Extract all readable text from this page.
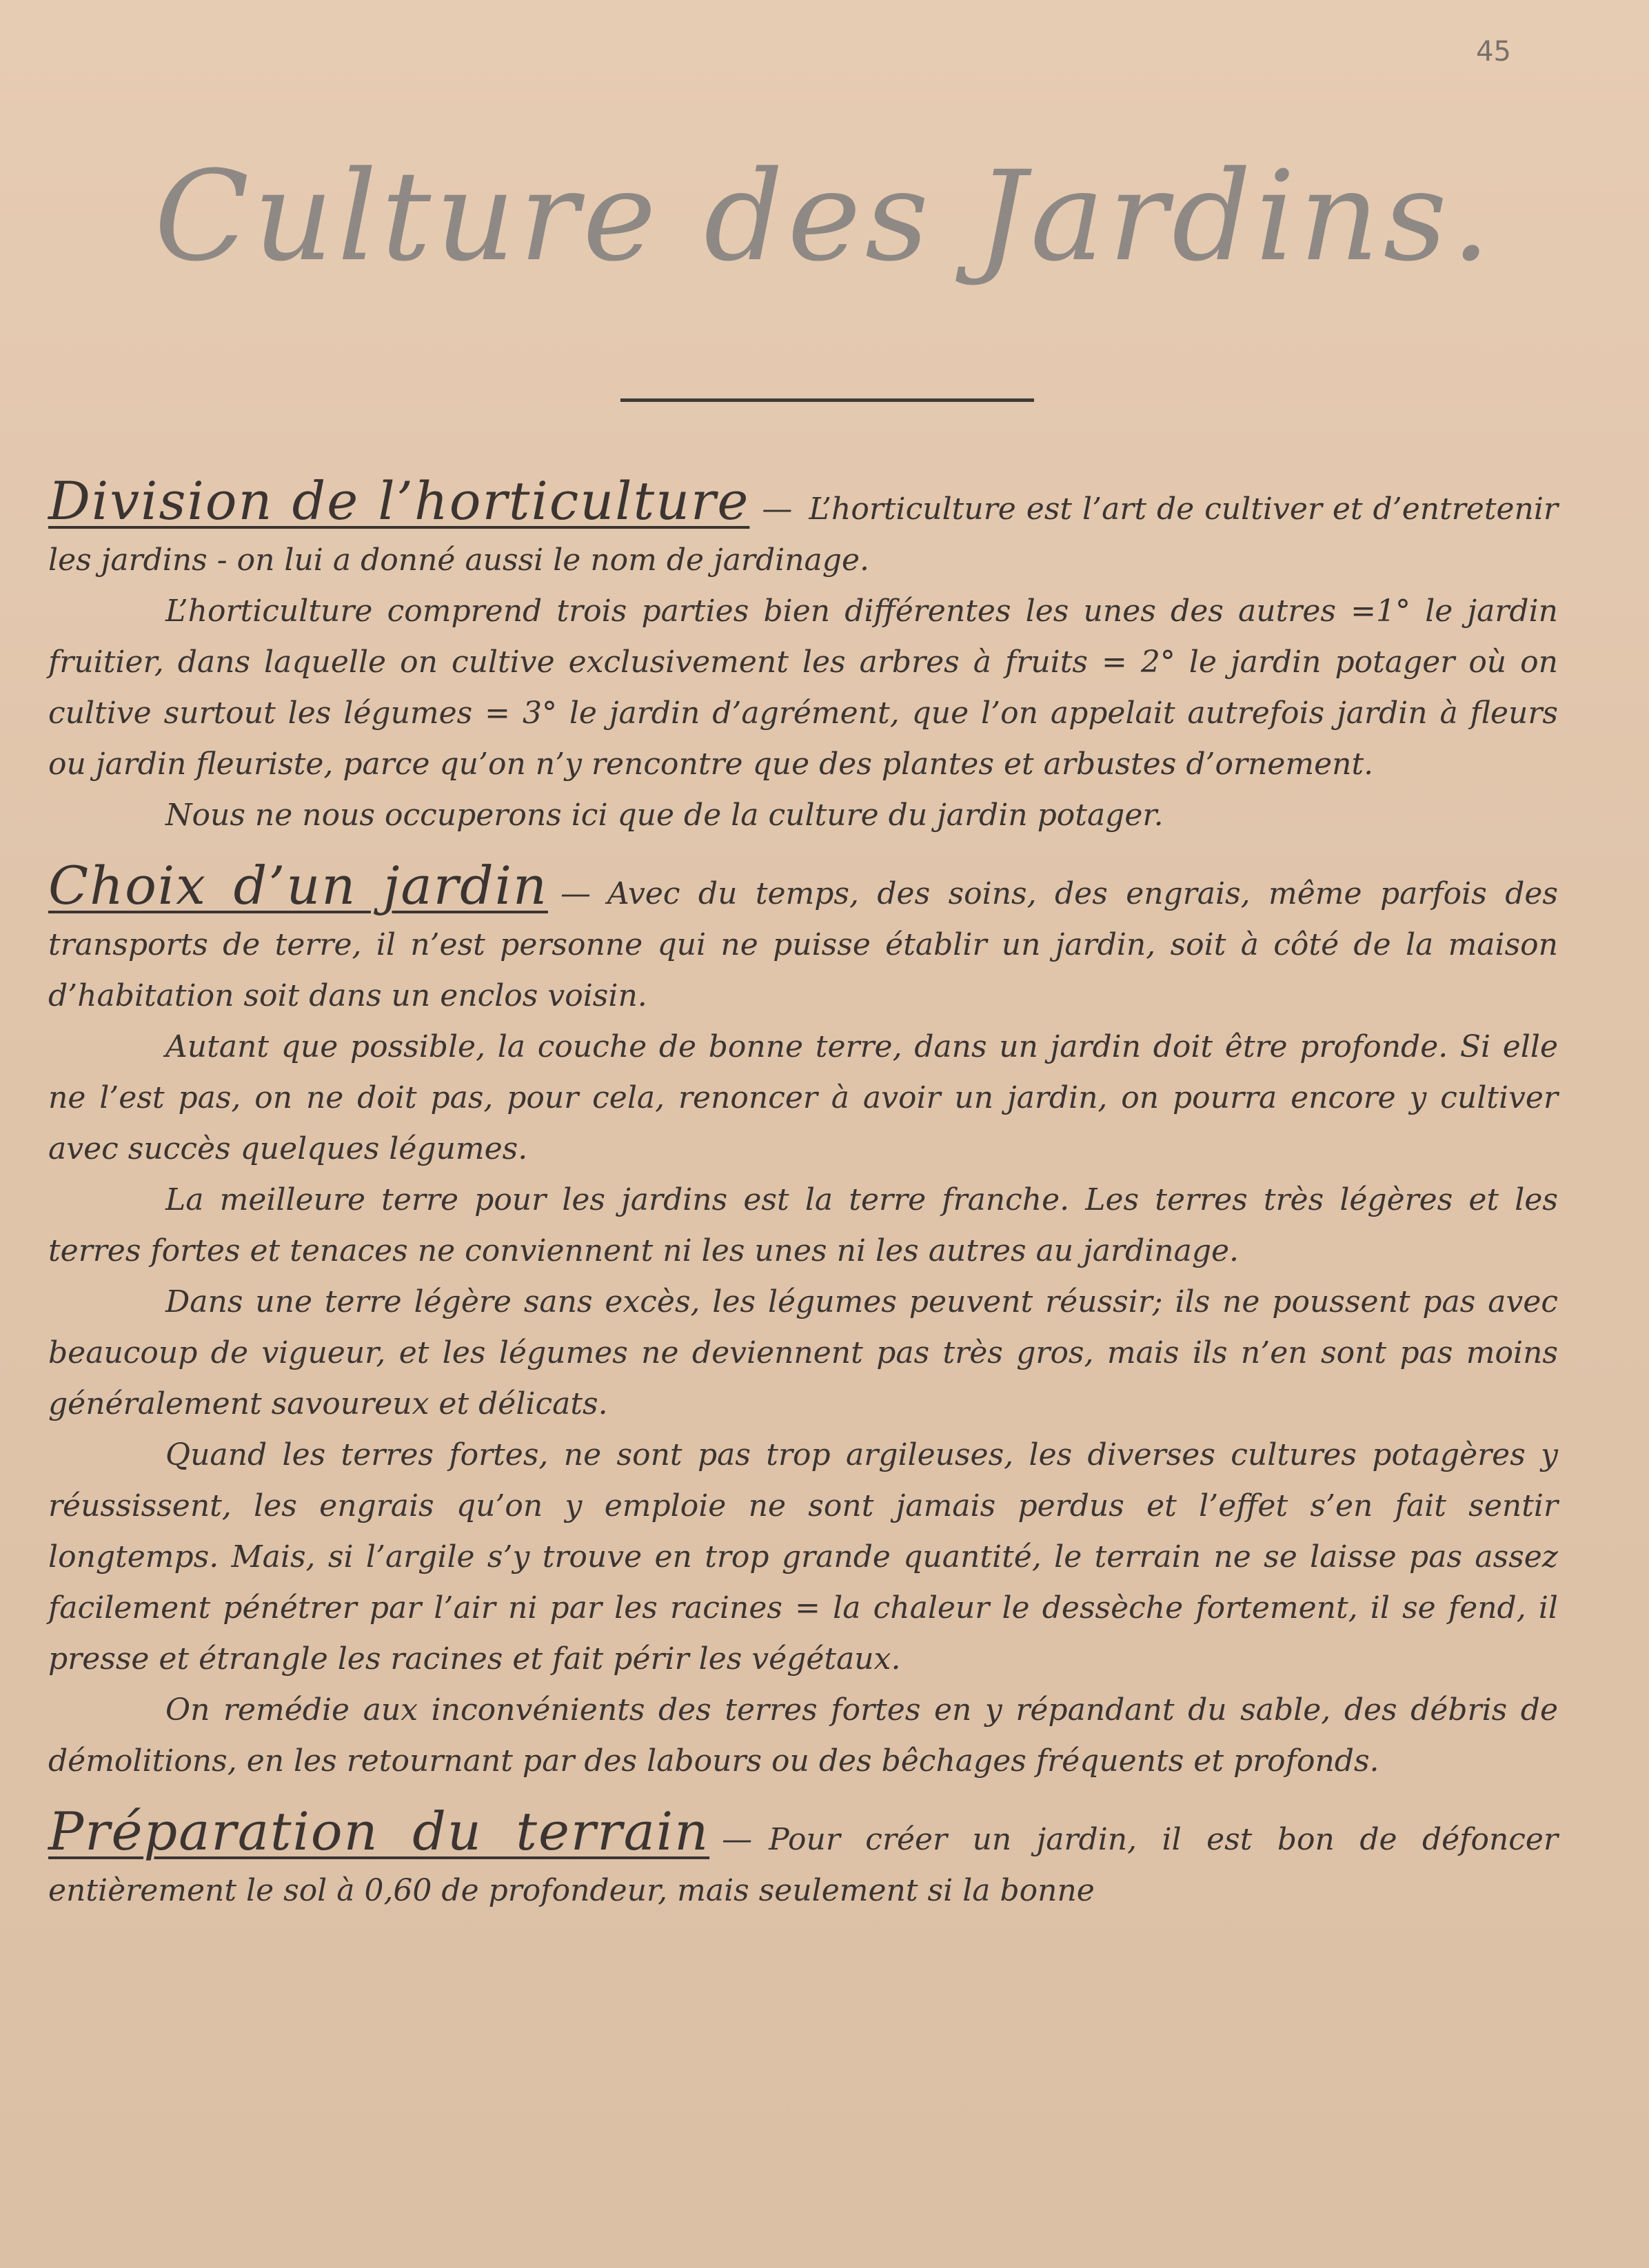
45
Culture des Jardins.

Division de l’horticulture — L’horticulture est l’art de cultiver et d’entretenir les jardins - on lui a donné aussi le nom de jardinage.

L’horticulture comprend trois parties bien différentes les unes des autres =1° le jardin fruitier, dans laquelle on cultive exclusivement les arbres à fruits = 2° le jardin potager où on cultive surtout les légumes = 3° le jardin d’agrément, que l’on appelait autrefois jardin à fleurs ou jardin fleuriste, parce qu’on n’y rencontre que des plantes et arbustes d’ornement.

Nous ne nous occuperons ici que de la culture du jardin potager.

Choix d’un jardin — Avec du temps, des soins, des engrais, même parfois des transports de terre, il n’est personne qui ne puisse établir un jardin, soit à côté de la maison d’habitation soit dans un enclos voisin.

Autant que possible, la couche de bonne terre, dans un jardin doit être profonde. Si elle ne l’est pas, on ne doit pas, pour cela, renoncer à avoir un jardin, on pourra encore y cultiver avec succès quelques légumes.

La meilleure terre pour les jardins est la terre franche. Les terres très légères et les terres fortes et tenaces ne conviennent ni les unes ni les autres au jardinage.

Dans une terre légère sans excès, les légumes peuvent réussir; ils ne poussent pas avec beaucoup de vigueur, et les légumes ne deviennent pas très gros, mais ils n’en sont pas moins généralement savoureux et délicats.

Quand les terres fortes, ne sont pas trop argileuses, les diverses cultures potagères y réussissent, les engrais qu’on y emploie ne sont jamais perdus et l’effet s’en fait sentir longtemps. Mais, si l’argile s’y trouve en trop grande quantité, le terrain ne se laisse pas assez facilement pénétrer par l’air ni par les racines = la chaleur le dessèche fortement, il se fend, il presse et étrangle les racines et fait périr les végétaux.

On remédie aux inconvénients des terres fortes en y répandant du sable, des débris de démolitions, en les retournant par des labours ou des bêchages fréquents et profonds.

Préparation du terrain — Pour créer un jardin, il est bon de défoncer entièrement le sol à 0,60 de profondeur, mais seulement si la bonne
